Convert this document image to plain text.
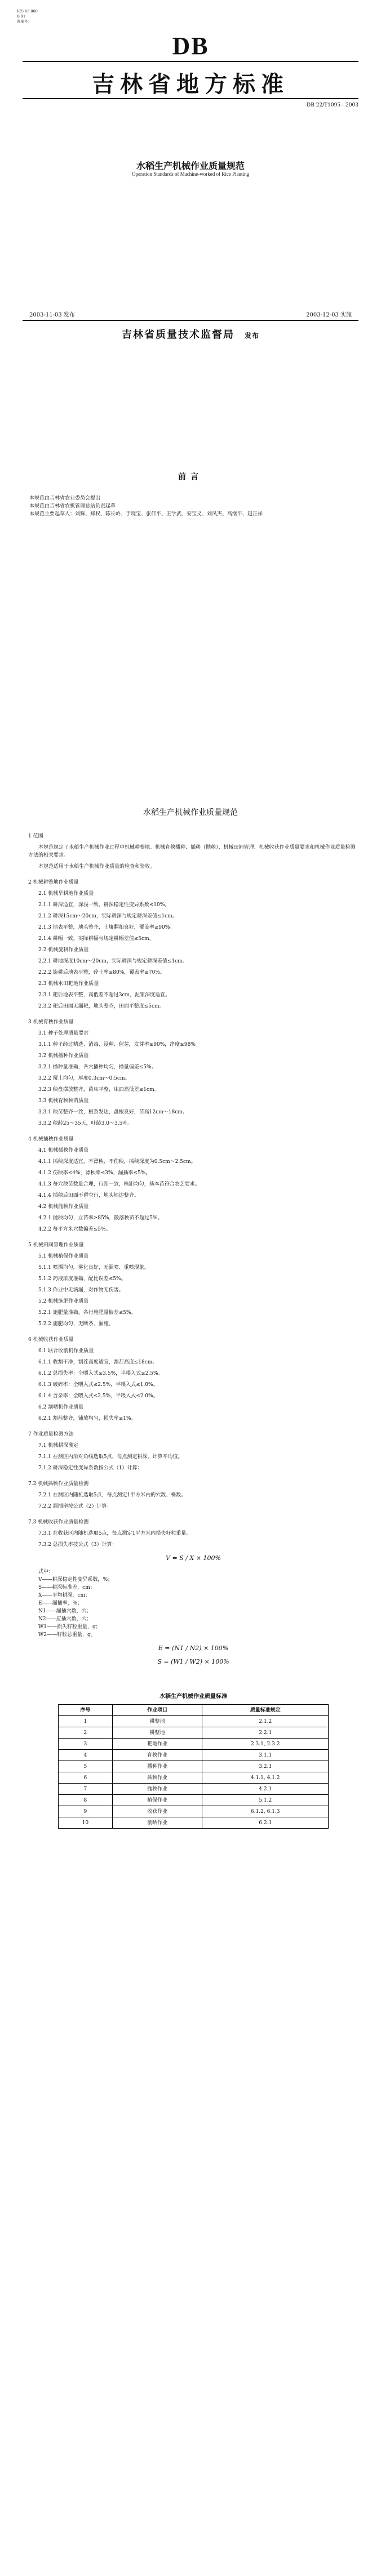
ICS 65.060
B 91
备案号：
DB
吉林省地方标准
DB 22/T1095—2003
水稻生产机械作业质量规范
Operation Standards of Machine-worked of Rice Planting
2003-11-03 发布	2003-12-03 实施
吉林省质量技术监督局 发布
前言

本规范由吉林省农业委员会提出

本规范由吉林省农机管理总站负责起草

本规范主要起草人：刘辉、郑权、陈长岭、于晓宝、张伟平、王学武、安宝义、刘凤杰、高继平、赵正祥

水稻生产机械作业质量规范

1 范围

本规范规定了水稻生产机械作业过程中机械耕整地、机械育秧播种、插秧（抛秧）、机械田间管理、机械收获作业质量要求和机械作业质量检测方法的相关要求。

本规范适用于水稻生产机械作业质量的检查和验收。

2 机械耕整地作业质量

2.1 机械旱耕地作业质量

2.1.1 耕深适宜，深浅一致，耕深稳定性变异系数≤10%。

2.1.2 耕深15cm～20cm，实际耕深与规定耕深差值≤1cm。

2.1.3 地表平整，地头整齐，土壤翻扣良好，覆盖率≥90%。

2.1.4 耕幅一致，实际耕幅与规定耕幅差值≤5cm。

2.2 机械旋耕作业质量

2.2.1 耕地深度10cm～20cm，实际耕深与规定耕深差值≤1cm。

2.2.2 旋耕后地表平整，碎土率≥80%，覆盖率≥70%。

2.3 机械水田耙地作业质量

2.3.1 耙后地表平整，高低差不超过3cm，泥浆深度适宜。

2.3.2 耙后田面无漏耙，地头整齐，田面平整度≤5cm。

3 机械育秧作业质量

3.1 种子处理质量要求

3.1.1 种子经过精选、消毒、浸种、催芽，发芽率≥90%，净度≥98%。

3.2 机械播种作业质量

3.2.1 播种量准确，各穴播种均匀，播量偏差≤5%。

3.2.2 覆土均匀，厚度0.3cm～0.5cm。

3.2.3 秧盘摆放整齐，苗床平整，床面高低差≤1cm。

3.3 机械育秧秧苗质量

3.3.1 秧苗整齐一致，根系发达，盘根良好，苗高12cm～18cm。

3.3.2 秧龄25～35天，叶龄3.0～3.5叶。

4 机械插秧作业质量

4.1 机械插秧作业质量

4.1.1 插秧深度适宜，不漂秧、不伤秧，插秧深度为0.5cm～2.5cm。

4.1.2 伤秧率≤4%，漂秧率≤3%，漏插率≤5%。

4.1.3 每穴秧苗数量合理，行距一致，株距均匀，基本苗符合农艺要求。

4.1.4 插秧后田面不留空行，地头地边整齐。

4.2 机械抛秧作业质量

4.2.1 抛秧均匀，立苗率≥85%，散落秧苗不超过5%。

4.2.2 每平方米穴数偏差≤5%。

5 机械田间管理作业质量

5.1 机械植保作业质量

5.1.1 喷洒均匀，雾化良好，无漏喷、重喷现象。

5.1.2 药液浓度准确，配比误差≤5%。

5.1.3 作业中无滴漏，对作物无伤害。

5.2 机械施肥作业质量

5.2.1 施肥量准确，各行施肥量偏差≤5%。

5.2.2 施肥均匀，无断条、漏施。

6 机械收获作业质量

6.1 联合收割机作业质量

6.1.1 收割干净，割茬高度适宜，割茬高度≤18cm。

6.1.2 总损失率：全喂入式≤3.5%，半喂入式≤2.5%。

6.1.3 破碎率：全喂入式≤2.5%，半喂入式≤1.0%。

6.1.4 含杂率：全喂入式≤2.5%，半喂入式≤2.0%。

6.2 割晒机作业质量

6.2.1 割茬整齐，铺放均匀，损失率≤1%。

7 作业质量检测方法

7.1 机械耕深测定

7.1.1 在测区内沿对角线选取5点，每点测定耕深，计算平均值。

7.1.2 耕深稳定性变异系数按公式（1）计算：

7.2 机械插秧作业质量检测

7.2.1 在测区内随机选取5点，每点测定1平方米内的穴数、株数。

7.2.2 漏插率按公式（2）计算：

7.3 机械收获作业质量检测

7.3.1 在收获区内随机选取5点，每点测定1平方米内损失籽粒重量。

7.3.2 总损失率按公式（3）计算：

V = S / X × 100%

式中：

V——耕深稳定性变异系数，%；

S——耕深标准差，cm；

X——平均耕深，cm；

E——漏插率，%；

N1——漏插穴数，穴；

N2——应插穴数，穴；

W1——损失籽粒重量，g；

W2——籽粒总重量，g。

E = (N1 / N2) × 100%
S = (W1 / W2) × 100%
水稻生产机械作业质量标准
序号	作业项目	质量标准规定
1	耕整地	2.1.2
2	耕整地	2.2.1
3	耙地作业	2.3.1, 2.3.2
4	育秧作业	3.1.1
5	播种作业	3.2.1
6	插秧作业	4.1.1, 4.1.2
7	抛秧作业	4.2.1
8	植保作业	5.1.2
9	收获作业	6.1.2, 6.1.3
10	割晒作业	6.2.1
